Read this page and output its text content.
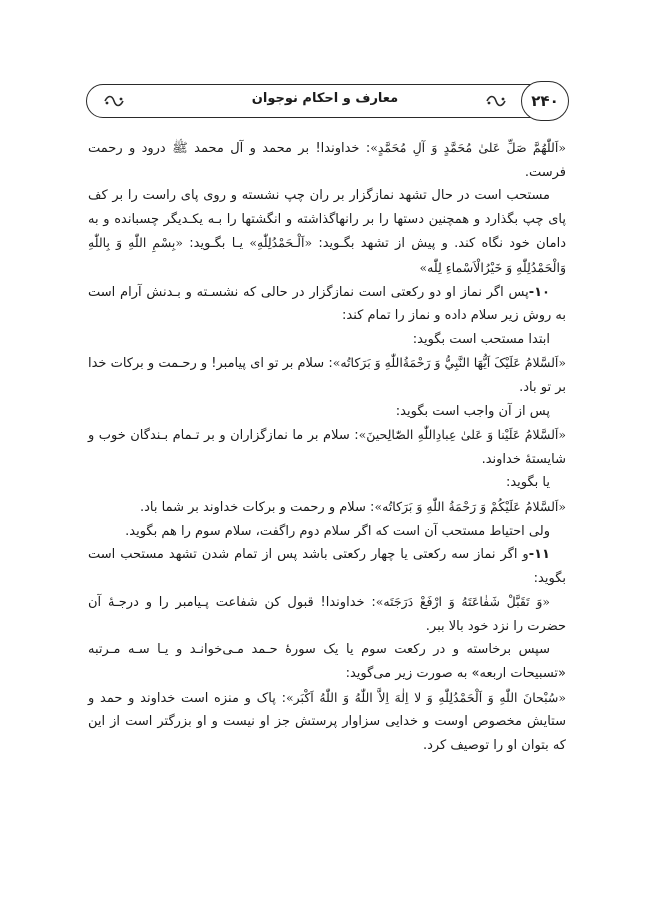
معارف و احکام نوجوان	۲۴۰

«اَللّٰهُمَّ صَلِّ عَلیٰ مُحَمَّدٍ وَ آلِ مُحَمَّدٍ»: خداوندا! بر محمد و آل محمد ﷺ درود و رحمت فرست.

مستحب است در حال تشهد نمازگزار بر ران چپ نشسته و روی پای راست را بر کف پای چپ بگذارد و همچنین دستها را بر رانهاگذاشته و انگشتها را بـه یکـدیگر چسبانده و به دامان خود نگاه کند. و پیش از تشهد بگـوید: «اَلْـحَمْدُلِلّٰهِ» یـا بگـوید: «بِسْمِ اللّٰهِ وَ بِاللّٰهِ وَالْحَمْدُلِلّٰهِ وَ خَيْرُالْاَسْماءِ لِلّٰه»

۱۰-پس اگر نماز او دو رکعتی است نمازگزار در حالی که نشسـته و بـدنش آرام است به روش زیر سلام داده و نماز را تمام کند:

ابتدا مستحب است بگوید:

«اَلسَّلامُ عَلَيْکَ اَيُّهَا النَّبِيُّ وَ رَحْمَةُاللّٰهِ وَ بَرَکاتُه»: سلام بر تو ای پیامبر! و رحـمت و برکات خدا بر تو باد.

پس از آن واجب است بگوید:

«اَلسَّلامُ عَلَيْنا وَ عَلیٰ عِبادِاللّٰهِ الصّٰالِحينَ»: سلام بر ما نمازگزاران و بر تـمام بـندگان خوب و شایستهٔ خداوند.

یا بگوید:

«اَلسَّلامُ عَلَيْکُمْ وَ رَحْمَةُ اللّٰهِ وَ بَرَکاتُه»: سلام و رحمت و برکات خداوند بر شما باد.

ولی احتیاط مستحب آن است که اگر سلام دوم راگفت، سلام سوم را هم بگوید.

۱۱-و اگر نماز سه رکعتی یا چهار رکعتی باشد پس از تمام شدن تشهد مستحب است بگوید:

«وَ تَقَبَّلْ شَفٰاعَتَهُ وَ ارْفَعْ دَرَجَتَه»: خداوندا! قبول کن شفاعت پـیامبر را و درجـهٔ آن حضرت را نزد خود بالا ببر.

سپس برخاسته و در رکعت سوم یا یک سورهٔ حـمد مـی‌خوانـد و یـا سـه مـرتبه «تسبیحات اربعه» به صورت زیر می‌گوید:

«سُبْحانَ اللّٰهِ وَ اَلْحَمْدُلِلّٰهِ وَ لا اِلٰهَ اِلاَّ اللّٰهُ وَ اللّٰهُ اَکْبَر»: پاک و منزه است خداوند و حمد و ستایش مخصوص اوست و خدایی سزاوار پرستش جز او نیست و او بزرگتر است از این که بتوان او را توصیف کرد.
